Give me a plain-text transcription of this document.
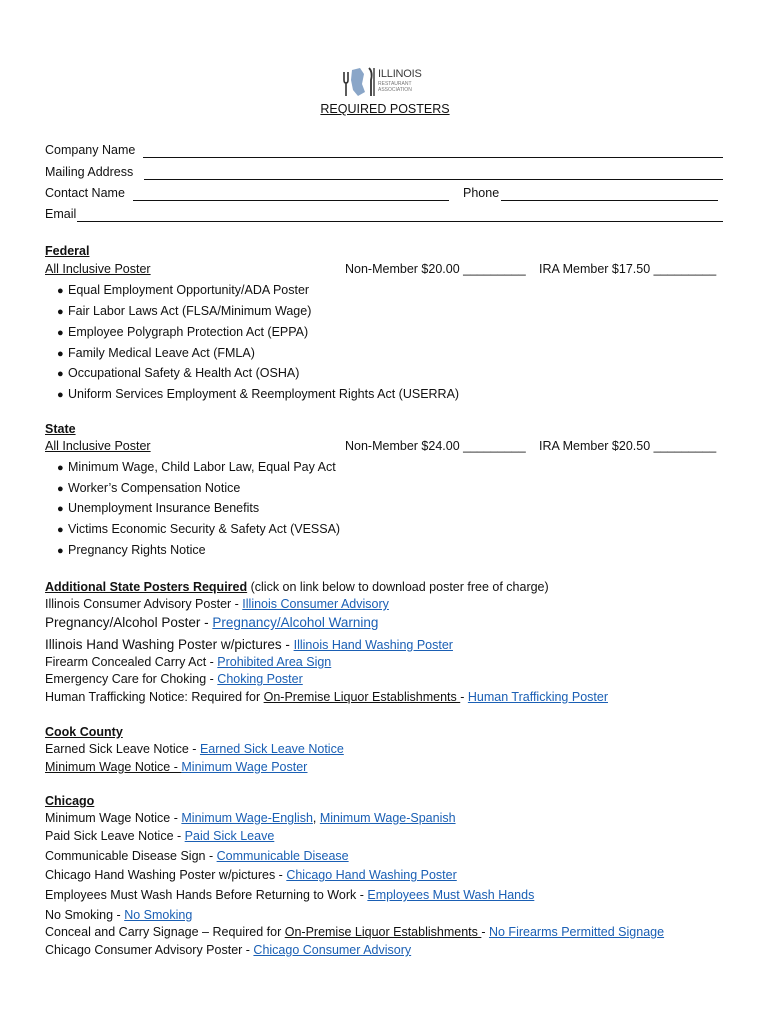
ILLINOIS
RESTAURANT
ASSOCIATION
REQUIRED POSTERS
Company Name
Mailing Address
Contact Name	Phone
Email
Federal
All Inclusive Poster	Non-Member $20.00 _________ IRA Member $17.50 _________
● Equal Employment Opportunity/ADA Poster
● Fair Labor Laws Act (FLSA/Minimum Wage)
● Employee Polygraph Protection Act (EPPA)
● Family Medical Leave Act (FMLA)
● Occupational Safety & Health Act (OSHA)
● Uniform Services Employment & Reemployment Rights Act (USERRA)
State
All Inclusive Poster	Non-Member $24.00 _________ IRA Member $20.50 _________
● Minimum Wage, Child Labor Law, Equal Pay Act
● Worker’s Compensation Notice
● Unemployment Insurance Benefits
● Victims Economic Security & Safety Act (VESSA)
● Pregnancy Rights Notice
Additional State Posters Required (click on link below to download poster free of charge)
Illinois Consumer Advisory Poster - Illinois Consumer Advisory
Pregnancy/Alcohol Poster - Pregnancy/Alcohol Warning
Illinois Hand Washing Poster w/pictures - Illinois Hand Washing Poster
Firearm Concealed Carry Act - Prohibited Area Sign
Emergency Care for Choking - Choking Poster
Human Trafficking Notice: Required for On-Premise Liquor Establishments - Human Trafficking Poster
Cook County
Earned Sick Leave Notice - Earned Sick Leave Notice
Minimum Wage Notice - Minimum Wage Poster
Chicago
Minimum Wage Notice - Minimum Wage-English, Minimum Wage-Spanish
Paid Sick Leave Notice - Paid Sick Leave
Communicable Disease Sign - Communicable Disease
Chicago Hand Washing Poster w/pictures - Chicago Hand Washing Poster
Employees Must Wash Hands Before Returning to Work - Employees Must Wash Hands
No Smoking - No Smoking
Conceal and Carry Signage – Required for On-Premise Liquor Establishments - No Firearms Permitted Signage
Chicago Consumer Advisory Poster - Chicago Consumer Advisory
